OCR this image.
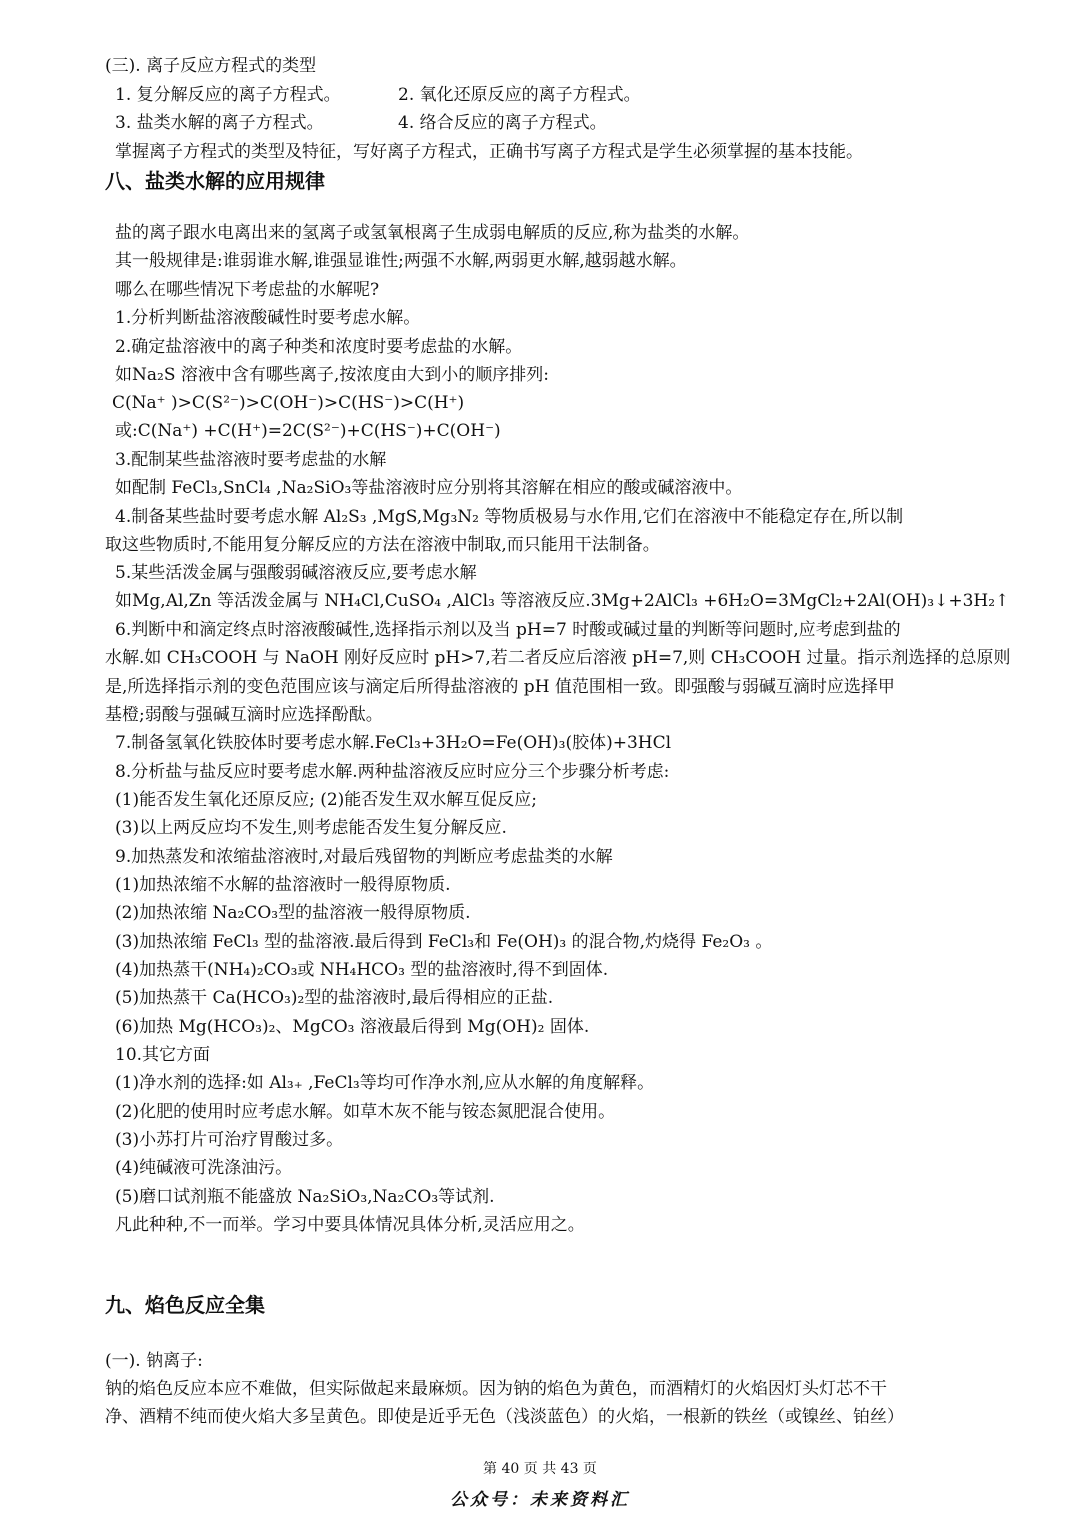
(三). 离子反应方程式的类型
1. 复分解反应的离子方程式。	2. 氧化还原反应的离子方程式。
3. 盐类水解的离子方程式。	4. 络合反应的离子方程式。
掌握离子方程式的类型及特征，写好离子方程式，正确书写离子方程式是学生必须掌握的基本技能。
八、盐类水解的应用规律
盐的离子跟水电离出来的氢离子或氢氧根离子生成弱电解质的反应,称为盐类的水解。
其一般规律是:谁弱谁水解,谁强显谁性;两强不水解,两弱更水解,越弱越水解。
哪么在哪些情况下考虑盐的水解呢?
1.分析判断盐溶液酸碱性时要考虑水解。
2.确定盐溶液中的离子种类和浓度时要考虑盐的水解。
如Na₂S 溶液中含有哪些离子,按浓度由大到小的顺序排列:
C(Na⁺ )>C(S²⁻)>C(OH⁻)>C(HS⁻)>C(H⁺)
或:C(Na⁺) +C(H⁺)=2C(S²⁻)+C(HS⁻)+C(OH⁻)
3.配制某些盐溶液时要考虑盐的水解
如配制 FeCl₃,SnCl₄ ,Na₂SiO₃等盐溶液时应分别将其溶解在相应的酸或碱溶液中。
4.制备某些盐时要考虑水解 Al₂S₃ ,MgS,Mg₃N₂ 等物质极易与水作用,它们在溶液中不能稳定存在,所以制
取这些物质时,不能用复分解反应的方法在溶液中制取,而只能用干法制备。
5.某些活泼金属与强酸弱碱溶液反应,要考虑水解
如Mg,Al,Zn 等活泼金属与 NH₄Cl,CuSO₄ ,AlCl₃ 等溶液反应.3Mg+2AlCl₃ +6H₂O=3MgCl₂+2Al(OH)₃↓+3H₂↑
6.判断中和滴定终点时溶液酸碱性,选择指示剂以及当 pH=7 时酸或碱过量的判断等问题时,应考虑到盐的
水解.如 CH₃COOH 与 NaOH 刚好反应时 pH>7,若二者反应后溶液 pH=7,则 CH₃COOH 过量。指示剂选择的总原则
是,所选择指示剂的变色范围应该与滴定后所得盐溶液的 pH 值范围相一致。即强酸与弱碱互滴时应选择甲
基橙;弱酸与强碱互滴时应选择酚酞。
7.制备氢氧化铁胶体时要考虑水解.FeCl₃+3H₂O=Fe(OH)₃(胶体)+3HCl
8.分析盐与盐反应时要考虑水解.两种盐溶液反应时应分三个步骤分析考虑:
(1)能否发生氧化还原反应; (2)能否发生双水解互促反应;
(3)以上两反应均不发生,则考虑能否发生复分解反应.
9.加热蒸发和浓缩盐溶液时,对最后残留物的判断应考虑盐类的水解
(1)加热浓缩不水解的盐溶液时一般得原物质.
(2)加热浓缩 Na₂CO₃型的盐溶液一般得原物质.
(3)加热浓缩 FeCl₃ 型的盐溶液.最后得到 FeCl₃和 Fe(OH)₃ 的混合物,灼烧得 Fe₂O₃ 。
(4)加热蒸干(NH₄)₂CO₃或 NH₄HCO₃ 型的盐溶液时,得不到固体.
(5)加热蒸干 Ca(HCO₃)₂型的盐溶液时,最后得相应的正盐.
(6)加热 Mg(HCO₃)₂、MgCO₃ 溶液最后得到 Mg(OH)₂ 固体.
10.其它方面
(1)净水剂的选择:如 Al₃₊ ,FeCl₃等均可作净水剂,应从水解的角度解释。
(2)化肥的使用时应考虑水解。如草木灰不能与铵态氮肥混合使用。
(3)小苏打片可治疗胃酸过多。
(4)纯碱液可洗涤油污。
(5)磨口试剂瓶不能盛放 Na₂SiO₃,Na₂CO₃等试剂.
凡此种种,不一而举。学习中要具体情况具体分析,灵活应用之。
九、焰色反应全集
(一). 钠离子:
钠的焰色反应本应不难做，但实际做起来最麻烦。因为钠的焰色为黄色，而酒精灯的火焰因灯头灯芯不干
净、酒精不纯而使火焰大多呈黄色。即使是近乎无色（浅淡蓝色）的火焰，一根新的铁丝（或镍丝、铂丝）
第 40 页 共 43 页
公众号：未来资料汇
